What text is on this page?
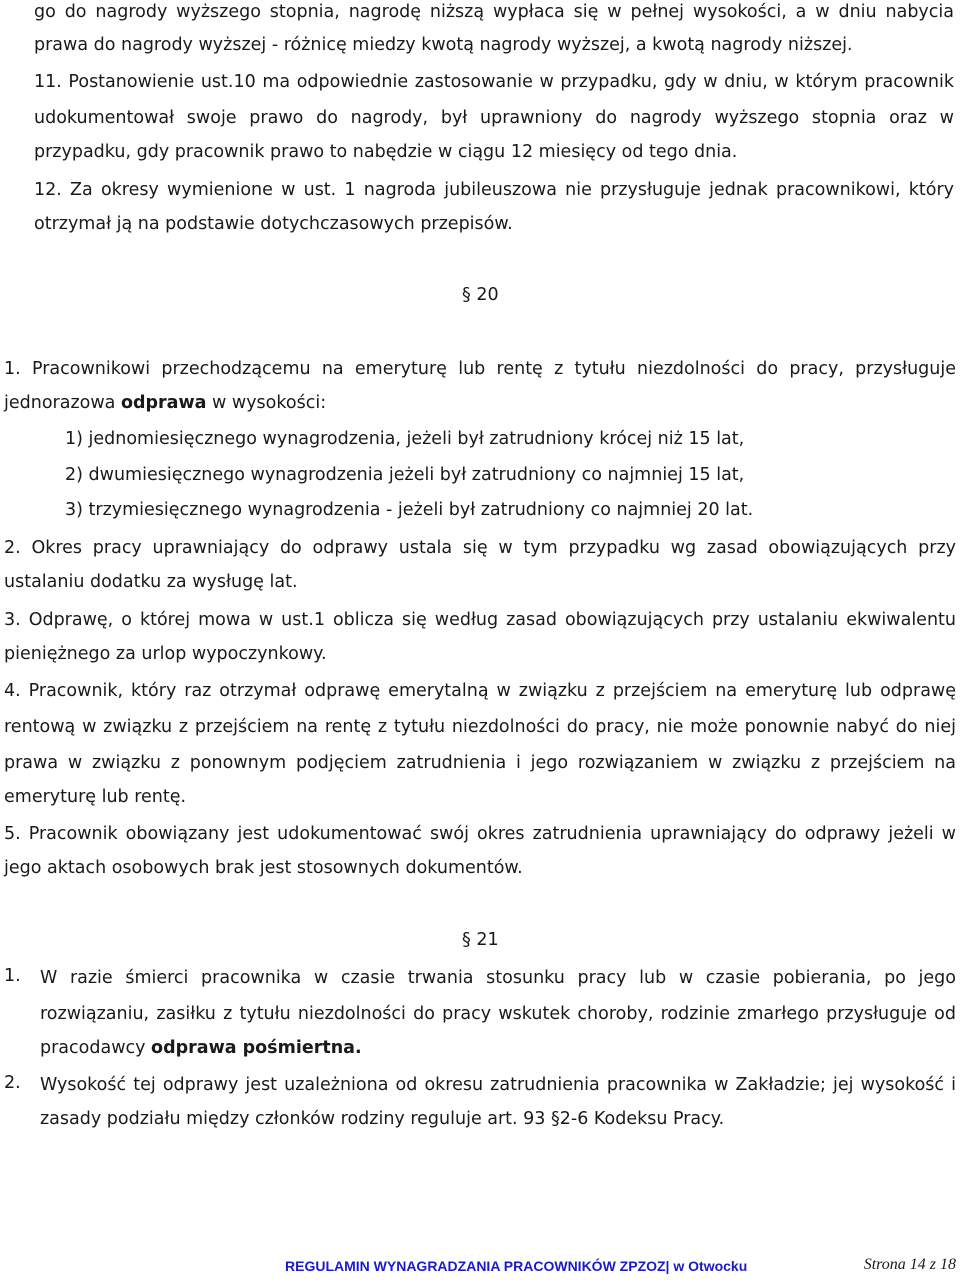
go do nagrody wyższego stopnia, nagrodę niższą wypłaca się w pełnej wysokości, a w dniu nabycia

prawa do nagrody wyższej - różnicę miedzy kwotą nagrody wyższej, a kwotą nagrody niższej.

11. Postanowienie ust.10 ma odpowiednie zastosowanie w przypadku, gdy w dniu, w którym pracownik

udokumentował swoje prawo do nagrody, był uprawniony do nagrody wyższego stopnia oraz w

przypadku, gdy pracownik prawo to nabędzie w ciągu 12 miesięcy od tego dnia.

12. Za okresy wymienione w ust. 1 nagroda jubileuszowa nie przysługuje jednak pracownikowi, który

otrzymał ją na podstawie dotychczasowych przepisów.
§ 20

1. Pracownikowi przechodzącemu na emeryturę lub rentę z tytułu niezdolności do pracy, przysługuje

jednorazowa odprawa w wysokości:
1) jednomiesięcznego wynagrodzenia, jeżeli był zatrudniony krócej niż 15 lat,
2) dwumiesięcznego wynagrodzenia jeżeli był zatrudniony co najmniej 15 lat,
3) trzymiesięcznego wynagrodzenia - jeżeli był zatrudniony co najmniej 20 lat.

2. Okres pracy uprawniający do odprawy ustala się w tym przypadku wg zasad obowiązujących przy

ustalaniu dodatku za wysługę lat.

3. Odprawę, o której mowa w ust.1 oblicza się według zasad obowiązujących przy ustalaniu ekwiwalentu

pieniężnego za urlop wypoczynkowy.

4. Pracownik, który raz otrzymał odprawę emerytalną w związku z przejściem na emeryturę lub odprawę

rentową w związku z przejściem na rentę z tytułu niezdolności do pracy, nie może ponownie nabyć do niej

prawa w związku z ponownym podjęciem zatrudnienia i jego rozwiązaniem w związku z przejściem na

emeryturę lub rentę.

5. Pracownik obowiązany jest udokumentować swój okres zatrudnienia uprawniający do odprawy jeżeli w

jego aktach osobowych brak jest stosownych dokumentów.
§ 21
1. W razie śmierci pracownika w czasie trwania stosunku pracy lub w czasie pobierania, po jego

rozwiązaniu, zasiłku z tytułu niezdolności do pracy wskutek choroby, rodzinie zmarłego przysługuje od

pracodawcy odprawa pośmiertna.
2. Wysokość tej odprawy jest uzależniona od okresu zatrudnienia pracownika w Zakładzie; jej wysokość i

zasady podziału między członków rodziny reguluje art. 93 §2-6 Kodeksu Pracy.
REGULAMIN WYNAGRADZANIA PRACOWNIKÓW ZPZOZ| w Otwocku	Strona 14 z 18
